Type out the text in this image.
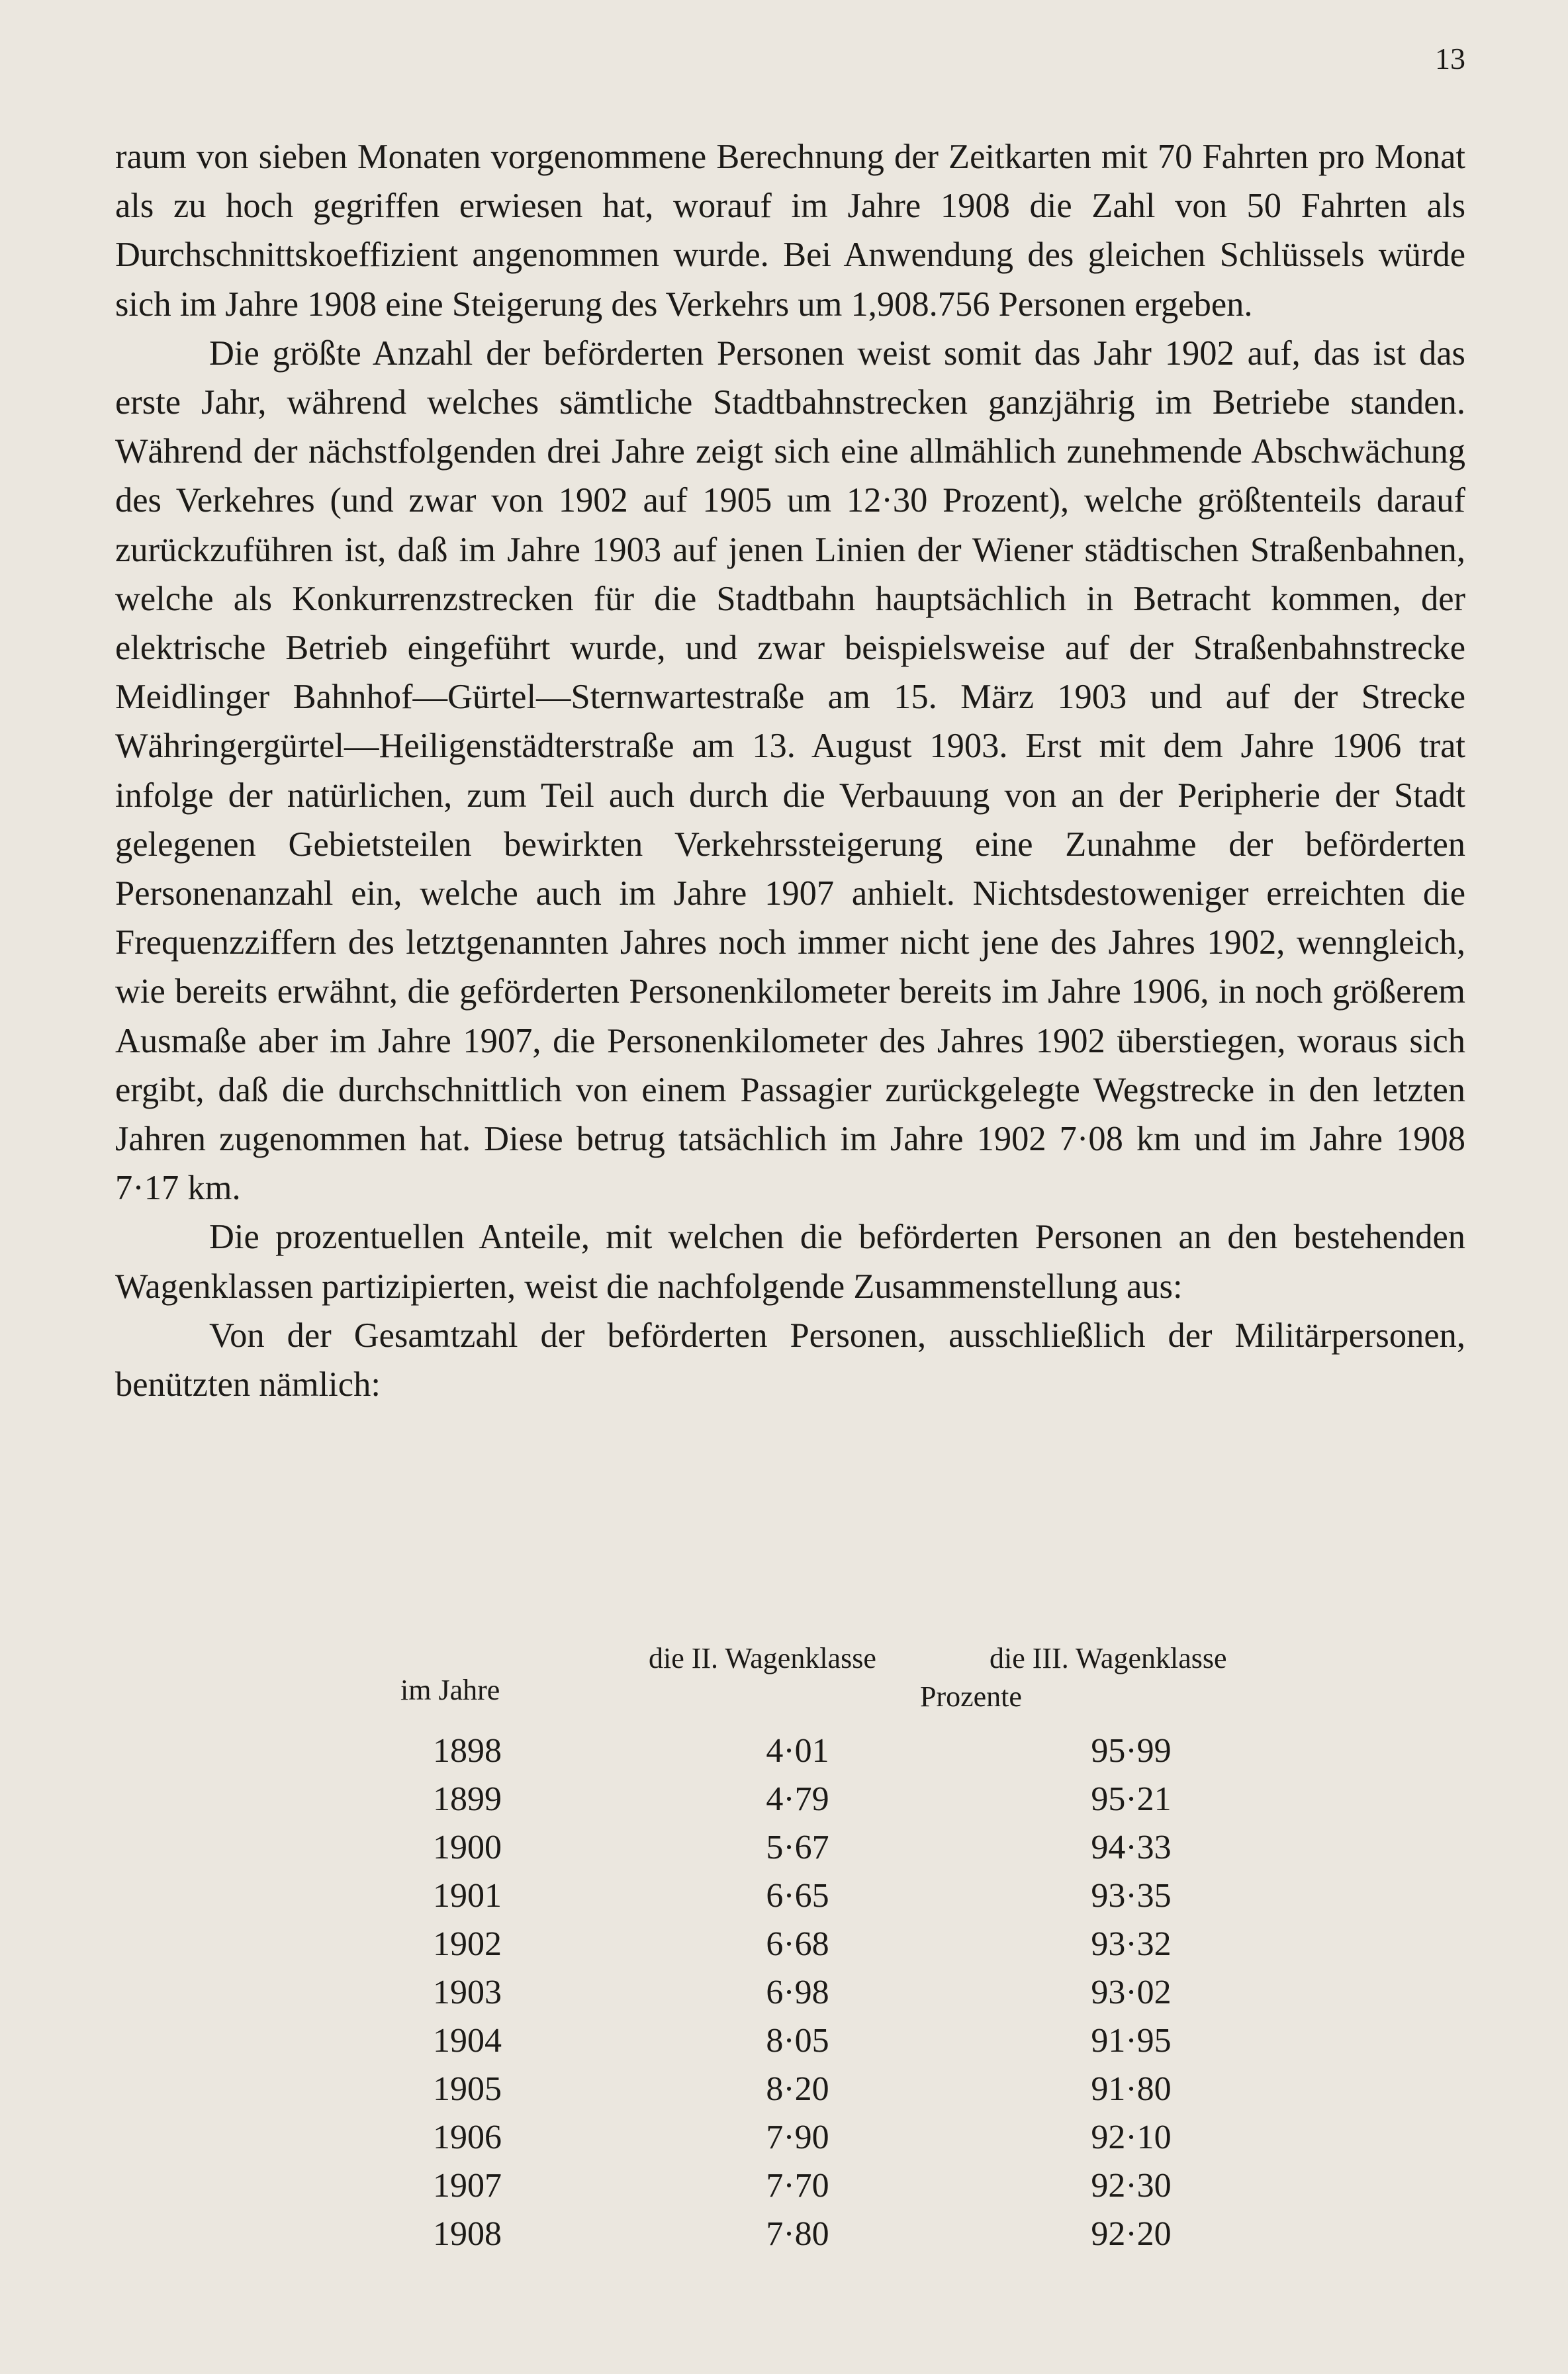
13

raum von sieben Monaten vorgenommene Berechnung der Zeitkarten mit 70 Fahrten pro Monat als zu hoch gegriffen erwiesen hat, worauf im Jahre 1908 die Zahl von 50 Fahrten als Durchschnittskoeffizient angenommen wurde. Bei Anwendung des gleichen Schlüssels würde sich im Jahre 1908 eine Steigerung des Verkehrs um 1,908.756 Personen ergeben.

Die größte Anzahl der beförderten Personen weist somit das Jahr 1902 auf, das ist das erste Jahr, während welches sämtliche Stadtbahnstrecken ganzjährig im Betriebe standen. Während der nächstfolgenden drei Jahre zeigt sich eine allmählich zunehmende Abschwächung des Verkehres (und zwar von 1902 auf 1905 um 12·30 Prozent), welche größtenteils darauf zurückzuführen ist, daß im Jahre 1903 auf jenen Linien der Wiener städtischen Straßenbahnen, welche als Konkurrenzstrecken für die Stadtbahn hauptsächlich in Betracht kommen, der elektrische Betrieb eingeführt wurde, und zwar beispielsweise auf der Straßenbahnstrecke Meidlinger Bahnhof—Gürtel—Sternwartestraße am 15. März 1903 und auf der Strecke Währingergürtel—Heiligenstädterstraße am 13. August 1903. Erst mit dem Jahre 1906 trat infolge der natürlichen, zum Teil auch durch die Verbauung von an der Peripherie der Stadt gelegenen Gebietsteilen bewirkten Verkehrssteigerung eine Zunahme der beförderten Personenanzahl ein, welche auch im Jahre 1907 anhielt. Nichtsdestoweniger erreichten die Frequenzziffern des letztgenannten Jahres noch immer nicht jene des Jahres 1902, wenngleich, wie bereits erwähnt, die geförderten Personenkilometer bereits im Jahre 1906, in noch größerem Ausmaße aber im Jahre 1907, die Personenkilometer des Jahres 1902 überstiegen, woraus sich ergibt, daß die durchschnittlich von einem Passagier zurückgelegte Wegstrecke in den letzten Jahren zugenommen hat. Diese betrug tatsächlich im Jahre 1902 7·08 km und im Jahre 1908 7·17 km.

Die prozentuellen Anteile, mit welchen die beförderten Personen an den bestehenden Wagenklassen partizipierten, weist die nachfolgende Zusammenstellung aus:

Von der Gesamtzahl der beförderten Personen, ausschließlich der Militärpersonen, benützten nämlich:

im Jahre
die II. Wagenklasse	die III. Wagenklasse
Prozente
1898	4·01	95·99
1899	4·79	95·21
1900	5·67	94·33
1901	6·65	93·35
1902	6·68	93·32
1903	6·98	93·02
1904	8·05	91·95
1905	8·20	91·80
1906	7·90	92·10
1907	7·70	92·30
1908	7·80	92·20
